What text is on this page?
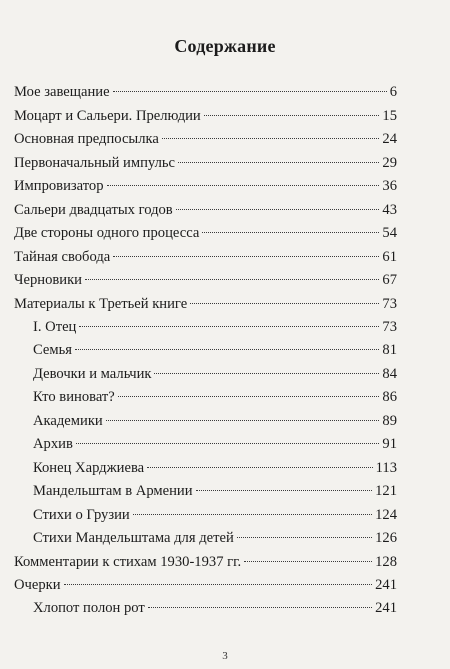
Содержание
Мое завещание	6
Моцарт и Сальери. Прелюдии	15
Основная предпосылка	24
Первоначальный импульс	29
Импровизатор	36
Сальери двадцатых годов	43
Две стороны одного процесса	54
Тайная свобода	61
Черновики	67
Материалы к Третьей книге	73
I. Отец	73
Семья	81
Девочки и мальчик	84
Кто виноват?	86
Академики	89
Архив	91
Конец Харджиева	113
Мандельштам в Армении	121
Стихи о Грузии	124
Стихи Мандельштама для детей	126
Комментарии к стихам 1930-1937 гг.	128
Очерки	241
Хлопот полон рот	241
3
